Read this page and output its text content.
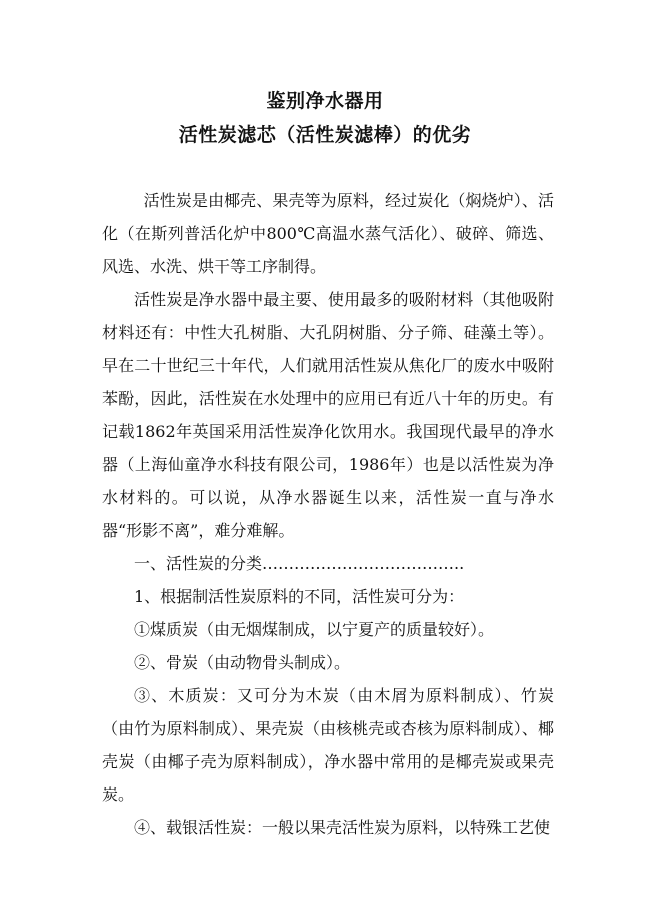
鉴别净水器用
活性炭滤芯（活性炭滤棒）的优劣

活性炭是由椰壳、果壳等为原料，经过炭化（焖烧炉）、活化（在斯列普活化炉中800℃高温水蒸气活化）、破碎、筛选、风选、水洗、烘干等工序制得。

活性炭是净水器中最主要、使用最多的吸附材料（其他吸附材料还有：中性大孔树脂、大孔阴树脂、分子筛、硅藻土等）。早在二十世纪三十年代，人们就用活性炭从焦化厂的废水中吸附苯酚，因此，活性炭在水处理中的应用已有近八十年的历史。有记载1862年英国采用活性炭净化饮用水。我国现代最早的净水器（上海仙童净水科技有限公司，1986年）也是以活性炭为净水材料的。可以说，从净水器诞生以来，活性炭一直与净水器“形影不离”，难分难解。

一、活性炭的分类………………………………..

1、根据制活性炭原料的不同，活性炭可分为：

①煤质炭（由无烟煤制成，以宁夏产的质量较好）。

②、骨炭（由动物骨头制成）。

③、木质炭：又可分为木炭（由木屑为原料制成）、竹炭（由竹为原料制成）、果壳炭（由核桃壳或杏核为原料制成）、椰壳炭（由椰子壳为原料制成），净水器中常用的是椰壳炭或果壳炭。

④、载银活性炭：一般以果壳活性炭为原料，以特殊工艺使
